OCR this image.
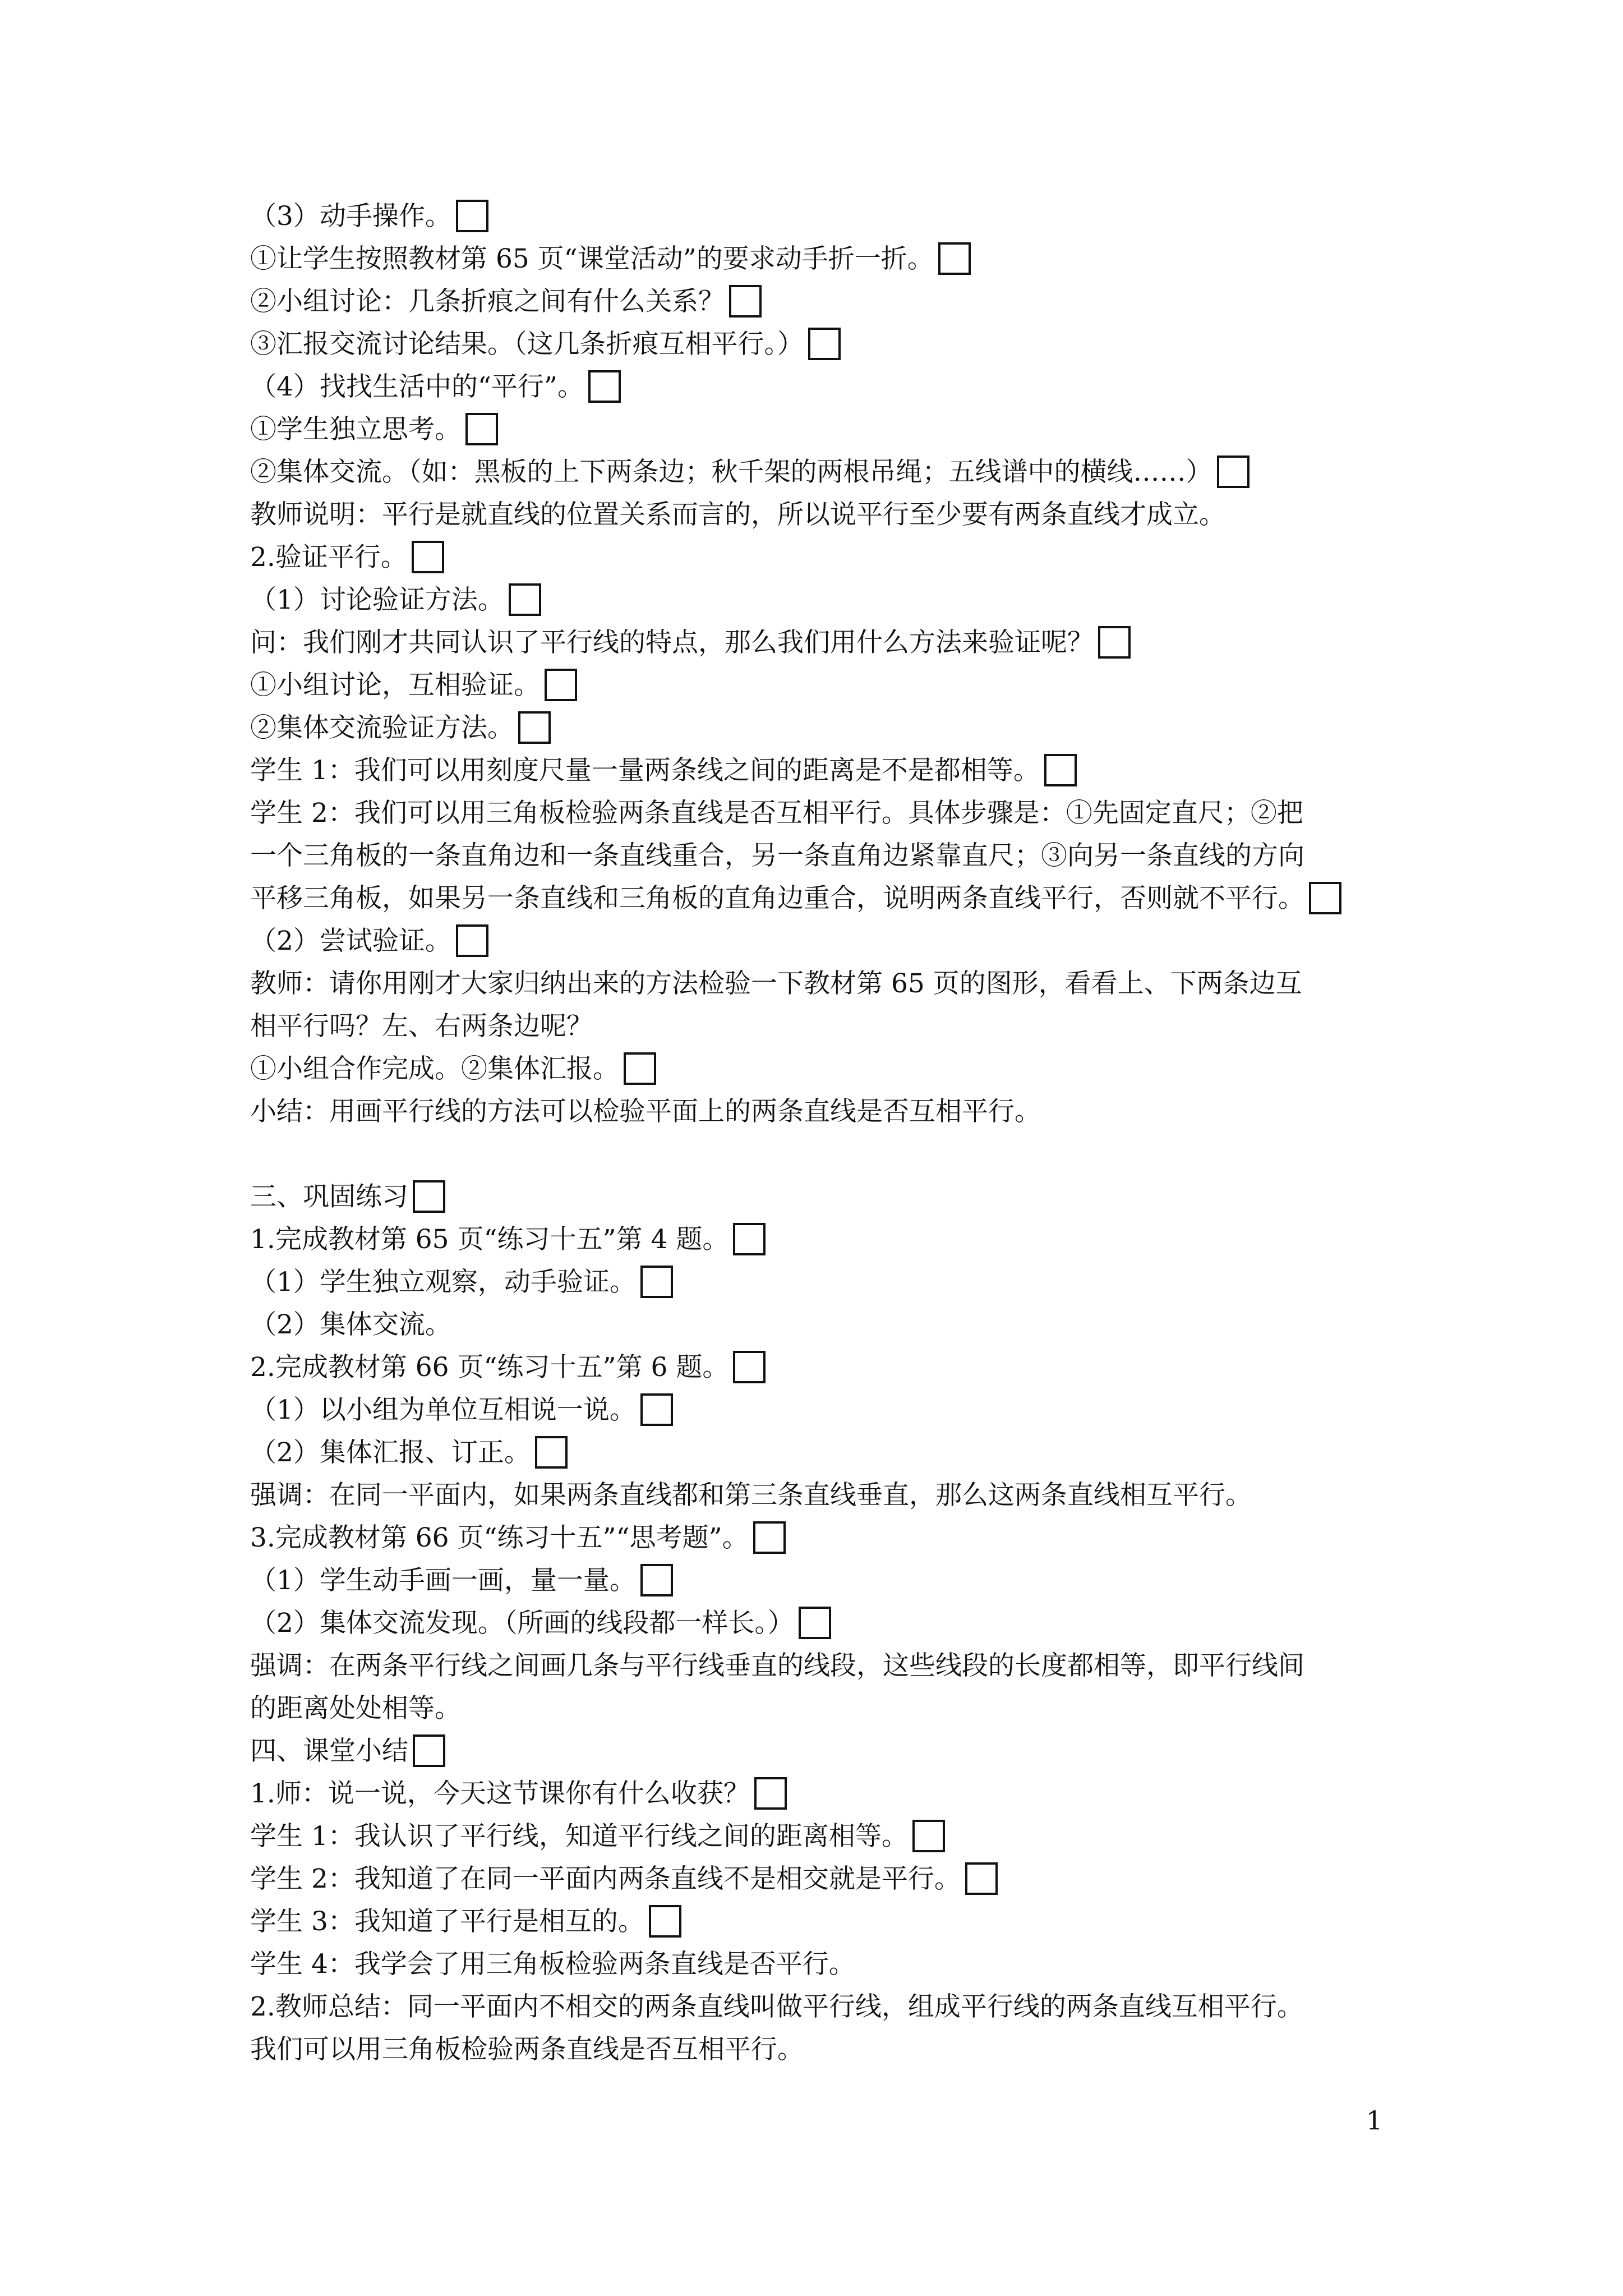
（3）动手操作。
①让学生按照教材第 65 页“课堂活动”的要求动手折一折。
②小组讨论：几条折痕之间有什么关系？
③汇报交流讨论结果。（这几条折痕互相平行。）
（4）找找生活中的“平行”。
①学生独立思考。
②集体交流。（如：黑板的上下两条边；秋千架的两根吊绳；五线谱中的横线……）
教师说明：平行是就直线的位置关系而言的，所以说平行至少要有两条直线才成立。
2.验证平行。
（1）讨论验证方法。
问：我们刚才共同认识了平行线的特点，那么我们用什么方法来验证呢？
①小组讨论，互相验证。
②集体交流验证方法。
学生 1：我们可以用刻度尺量一量两条线之间的距离是不是都相等。
学生 2：我们可以用三角板检验两条直线是否互相平行。具体步骤是：①先固定直尺；②把
一个三角板的一条直角边和一条直线重合，另一条直角边紧靠直尺；③向另一条直线的方向
平移三角板，如果另一条直线和三角板的直角边重合，说明两条直线平行，否则就不平行。
（2）尝试验证。
教师：请你用刚才大家归纳出来的方法检验一下教材第 65 页的图形，看看上、下两条边互
相平行吗？左、右两条边呢？
①小组合作完成。②集体汇报。
小结：用画平行线的方法可以检验平面上的两条直线是否互相平行。
三、巩固练习
1.完成教材第 65 页“练习十五”第 4 题。
（1）学生独立观察，动手验证。
（2）集体交流。
2.完成教材第 66 页“练习十五”第 6 题。
（1）以小组为单位互相说一说。
（2）集体汇报、订正。
强调：在同一平面内，如果两条直线都和第三条直线垂直，那么这两条直线相互平行。
3.完成教材第 66 页“练习十五”“思考题”。
（1）学生动手画一画，量一量。
（2）集体交流发现。（所画的线段都一样长。）
强调：在两条平行线之间画几条与平行线垂直的线段，这些线段的长度都相等，即平行线间
的距离处处相等。
四、课堂小结
1.师：说一说，今天这节课你有什么收获？
学生 1：我认识了平行线，知道平行线之间的距离相等。
学生 2：我知道了在同一平面内两条直线不是相交就是平行。
学生 3：我知道了平行是相互的。
学生 4：我学会了用三角板检验两条直线是否平行。
2.教师总结：同一平面内不相交的两条直线叫做平行线，组成平行线的两条直线互相平行。
我们可以用三角板检验两条直线是否互相平行。
1
